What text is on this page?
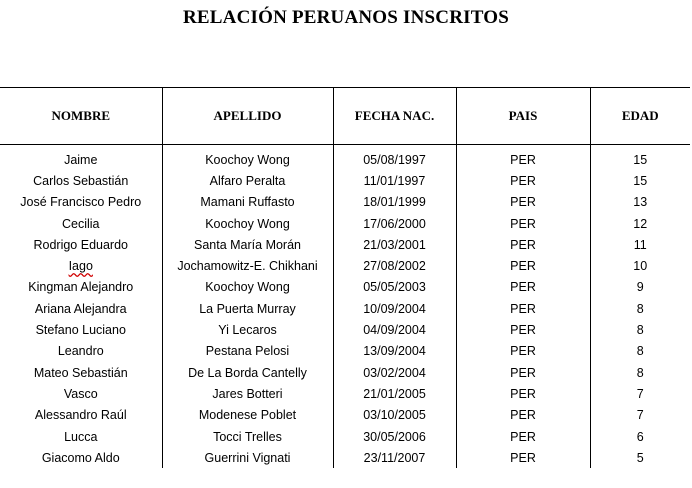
RELACIÓN PERUANOS INSCRITOS
NOMBRE	APELLIDO	FECHA NAC.	PAIS	EDAD
Jaime	Koochoy Wong	05/08/1997	PER	15
Carlos Sebastián	Alfaro Peralta	11/01/1997	PER	15
José Francisco Pedro	Mamani Ruffasto	18/01/1999	PER	13
Cecilia	Koochoy Wong	17/06/2000	PER	12
Rodrigo Eduardo	Santa María Morán	21/03/2001	PER	11
Iago	Jochamowitz-E. Chikhani	27/08/2002	PER	10
Kingman Alejandro	Koochoy Wong	05/05/2003	PER	9
Ariana Alejandra	La Puerta Murray	10/09/2004	PER	8
Stefano Luciano	Yi Lecaros	04/09/2004	PER	8
Leandro	Pestana Pelosi	13/09/2004	PER	8
Mateo Sebastián	De La Borda Cantelly	03/02/2004	PER	8
Vasco	Jares Botteri	21/01/2005	PER	7
Alessandro Raúl	Modenese Poblet	03/10/2005	PER	7
Lucca	Tocci Trelles	30/05/2006	PER	6
Giacomo Aldo	Guerrini Vignati	23/11/2007	PER	5
